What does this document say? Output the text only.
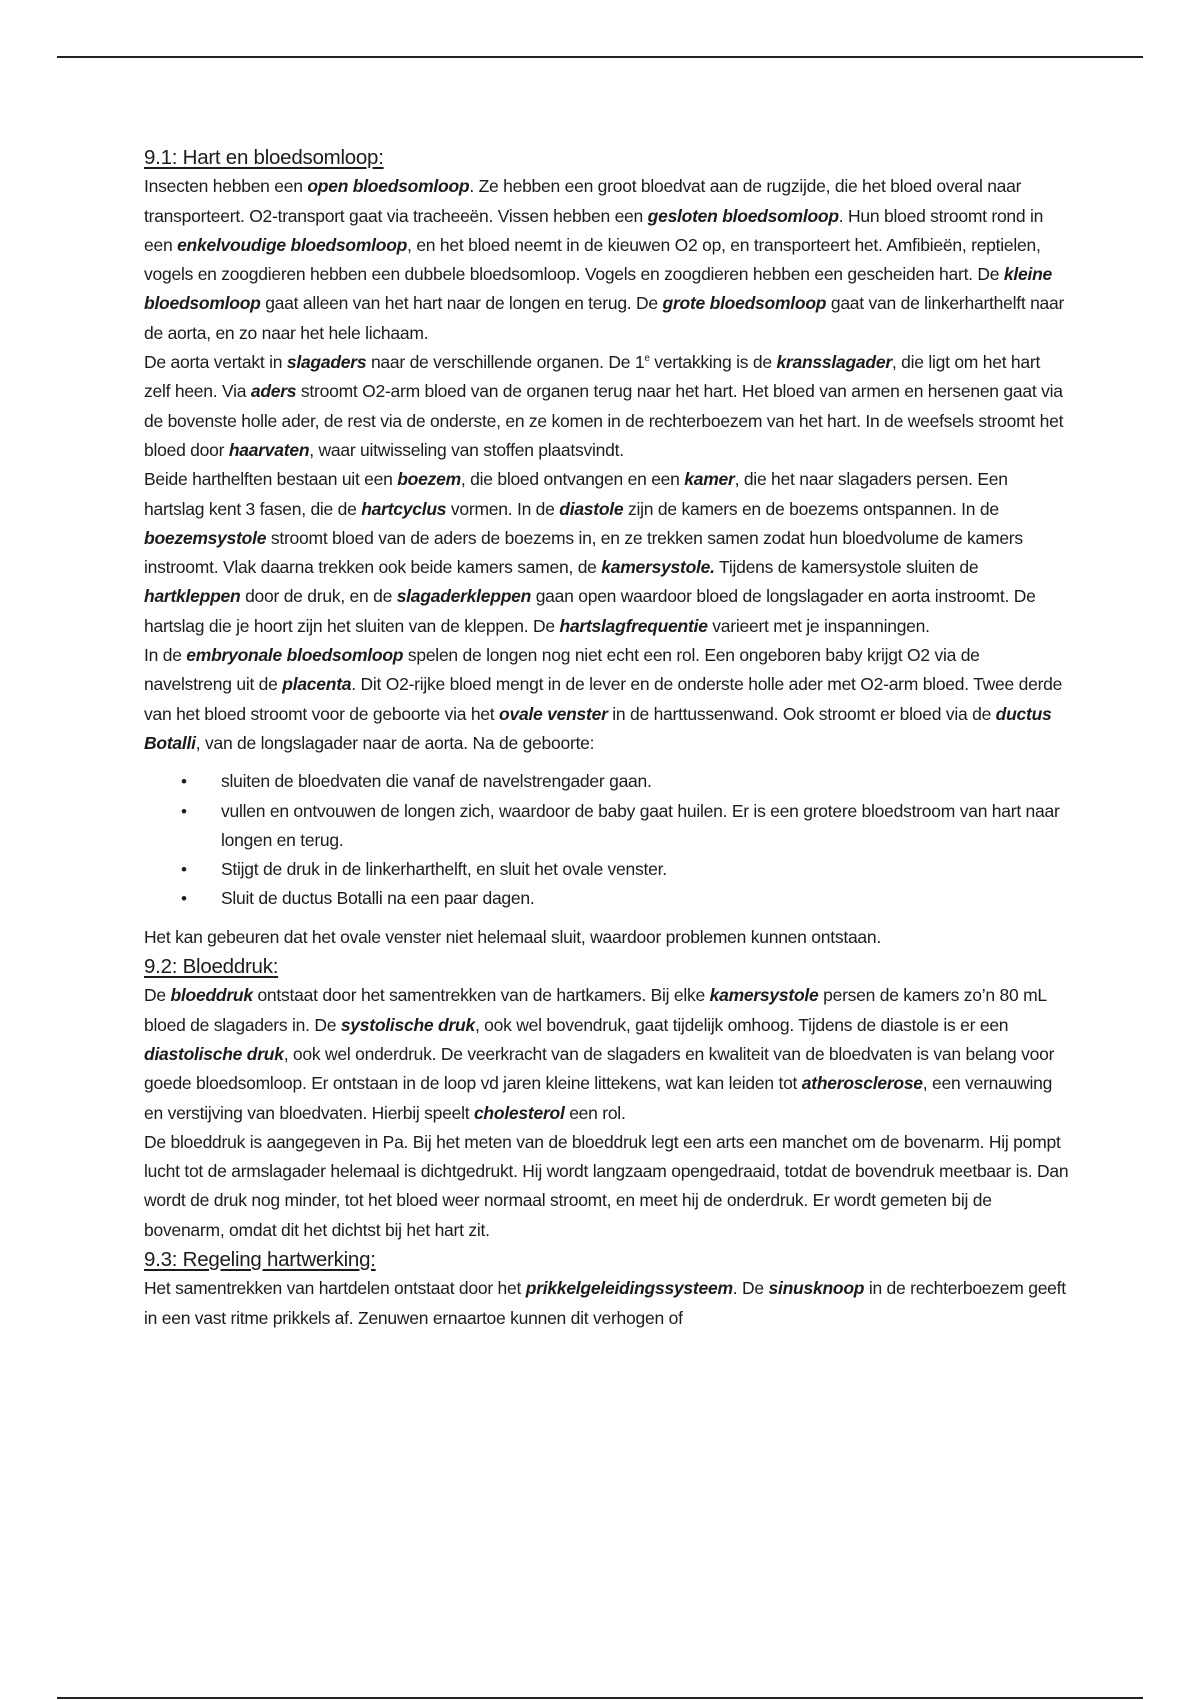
9.1: Hart en bloedsomloop:

Insecten hebben een open bloedsomloop. Ze hebben een groot bloedvat aan de rugzijde, die het bloed overal naar transporteert. O2-transport gaat via tracheeën. Vissen hebben een gesloten bloedsomloop. Hun bloed stroomt rond in een enkelvoudige bloedsomloop, en het bloed neemt in de kieuwen O2 op, en transporteert het. Amfibieën, reptielen, vogels en zoogdieren hebben een dubbele bloedsomloop. Vogels en zoogdieren hebben een gescheiden hart. De kleine bloedsomloop gaat alleen van het hart naar de longen en terug. De grote bloedsomloop gaat van de linkerharthelft naar de aorta, en zo naar het hele lichaam.

De aorta vertakt in slagaders naar de verschillende organen. De 1e vertakking is de kransslagader, die ligt om het hart zelf heen. Via aders stroomt O2-arm bloed van de organen terug naar het hart. Het bloed van armen en hersenen gaat via de bovenste holle ader, de rest via de onderste, en ze komen in de rechterboezem van het hart. In de weefsels stroomt het bloed door haarvaten, waar uitwisseling van stoffen plaatsvindt.

Beide harthelften bestaan uit een boezem, die bloed ontvangen en een kamer, die het naar slagaders persen. Een hartslag kent 3 fasen, die de hartcyclus vormen. In de diastole zijn de kamers en de boezems ontspannen. In de boezemsystole stroomt bloed van de aders de boezems in, en ze trekken samen zodat hun bloedvolume de kamers instroomt. Vlak daarna trekken ook beide kamers samen, de kamersystole. Tijdens de kamersystole sluiten de hartkleppen door de druk, en de slagaderkleppen gaan open waardoor bloed de longslagader en aorta instroomt. De hartslag die je hoort zijn het sluiten van de kleppen. De hartslagfrequentie varieert met je inspanningen.

In de embryonale bloedsomloop spelen de longen nog niet echt een rol. Een ongeboren baby krijgt O2 via de navelstreng uit de placenta. Dit O2-rijke bloed mengt in de lever en de onderste holle ader met O2-arm bloed. Twee derde van het bloed stroomt voor de geboorte via het ovale venster in de harttussenwand. Ook stroomt er bloed via de ductus Botalli, van de longslagader naar de aorta. Na de geboorte:

• sluiten de bloedvaten die vanaf de navelstrengader gaan.
• vullen en ontvouwen de longen zich, waardoor de baby gaat huilen. Er is een grotere bloedstroom van hart naar longen en terug.
• Stijgt de druk in de linkerharthelft, en sluit het ovale venster.
• Sluit de ductus Botalli na een paar dagen.

Het kan gebeuren dat het ovale venster niet helemaal sluit, waardoor problemen kunnen ontstaan.

9.2: Bloeddruk:

De bloeddruk ontstaat door het samentrekken van de hartkamers. Bij elke kamersystole persen de kamers zo’n 80 mL bloed de slagaders in. De systolische druk, ook wel bovendruk, gaat tijdelijk omhoog. Tijdens de diastole is er een diastolische druk, ook wel onderdruk. De veerkracht van de slagaders en kwaliteit van de bloedvaten is van belang voor goede bloedsomloop. Er ontstaan in de loop vd jaren kleine littekens, wat kan leiden tot atherosclerose, een vernauwing en verstijving van bloedvaten. Hierbij speelt cholesterol een rol.

De bloeddruk is aangegeven in Pa. Bij het meten van de bloeddruk legt een arts een manchet om de bovenarm. Hij pompt lucht tot de armslagader helemaal is dichtgedrukt. Hij wordt langzaam opengedraaid, totdat de bovendruk meetbaar is. Dan wordt de druk nog minder, tot het bloed weer normaal stroomt, en meet hij de onderdruk. Er wordt gemeten bij de bovenarm, omdat dit het dichtst bij het hart zit.

9.3: Regeling hartwerking:

Het samentrekken van hartdelen ontstaat door het prikkelgeleidingssysteem. De sinusknoop in de rechterboezem geeft in een vast ritme prikkels af. Zenuwen ernaartoe kunnen dit verhogen of
